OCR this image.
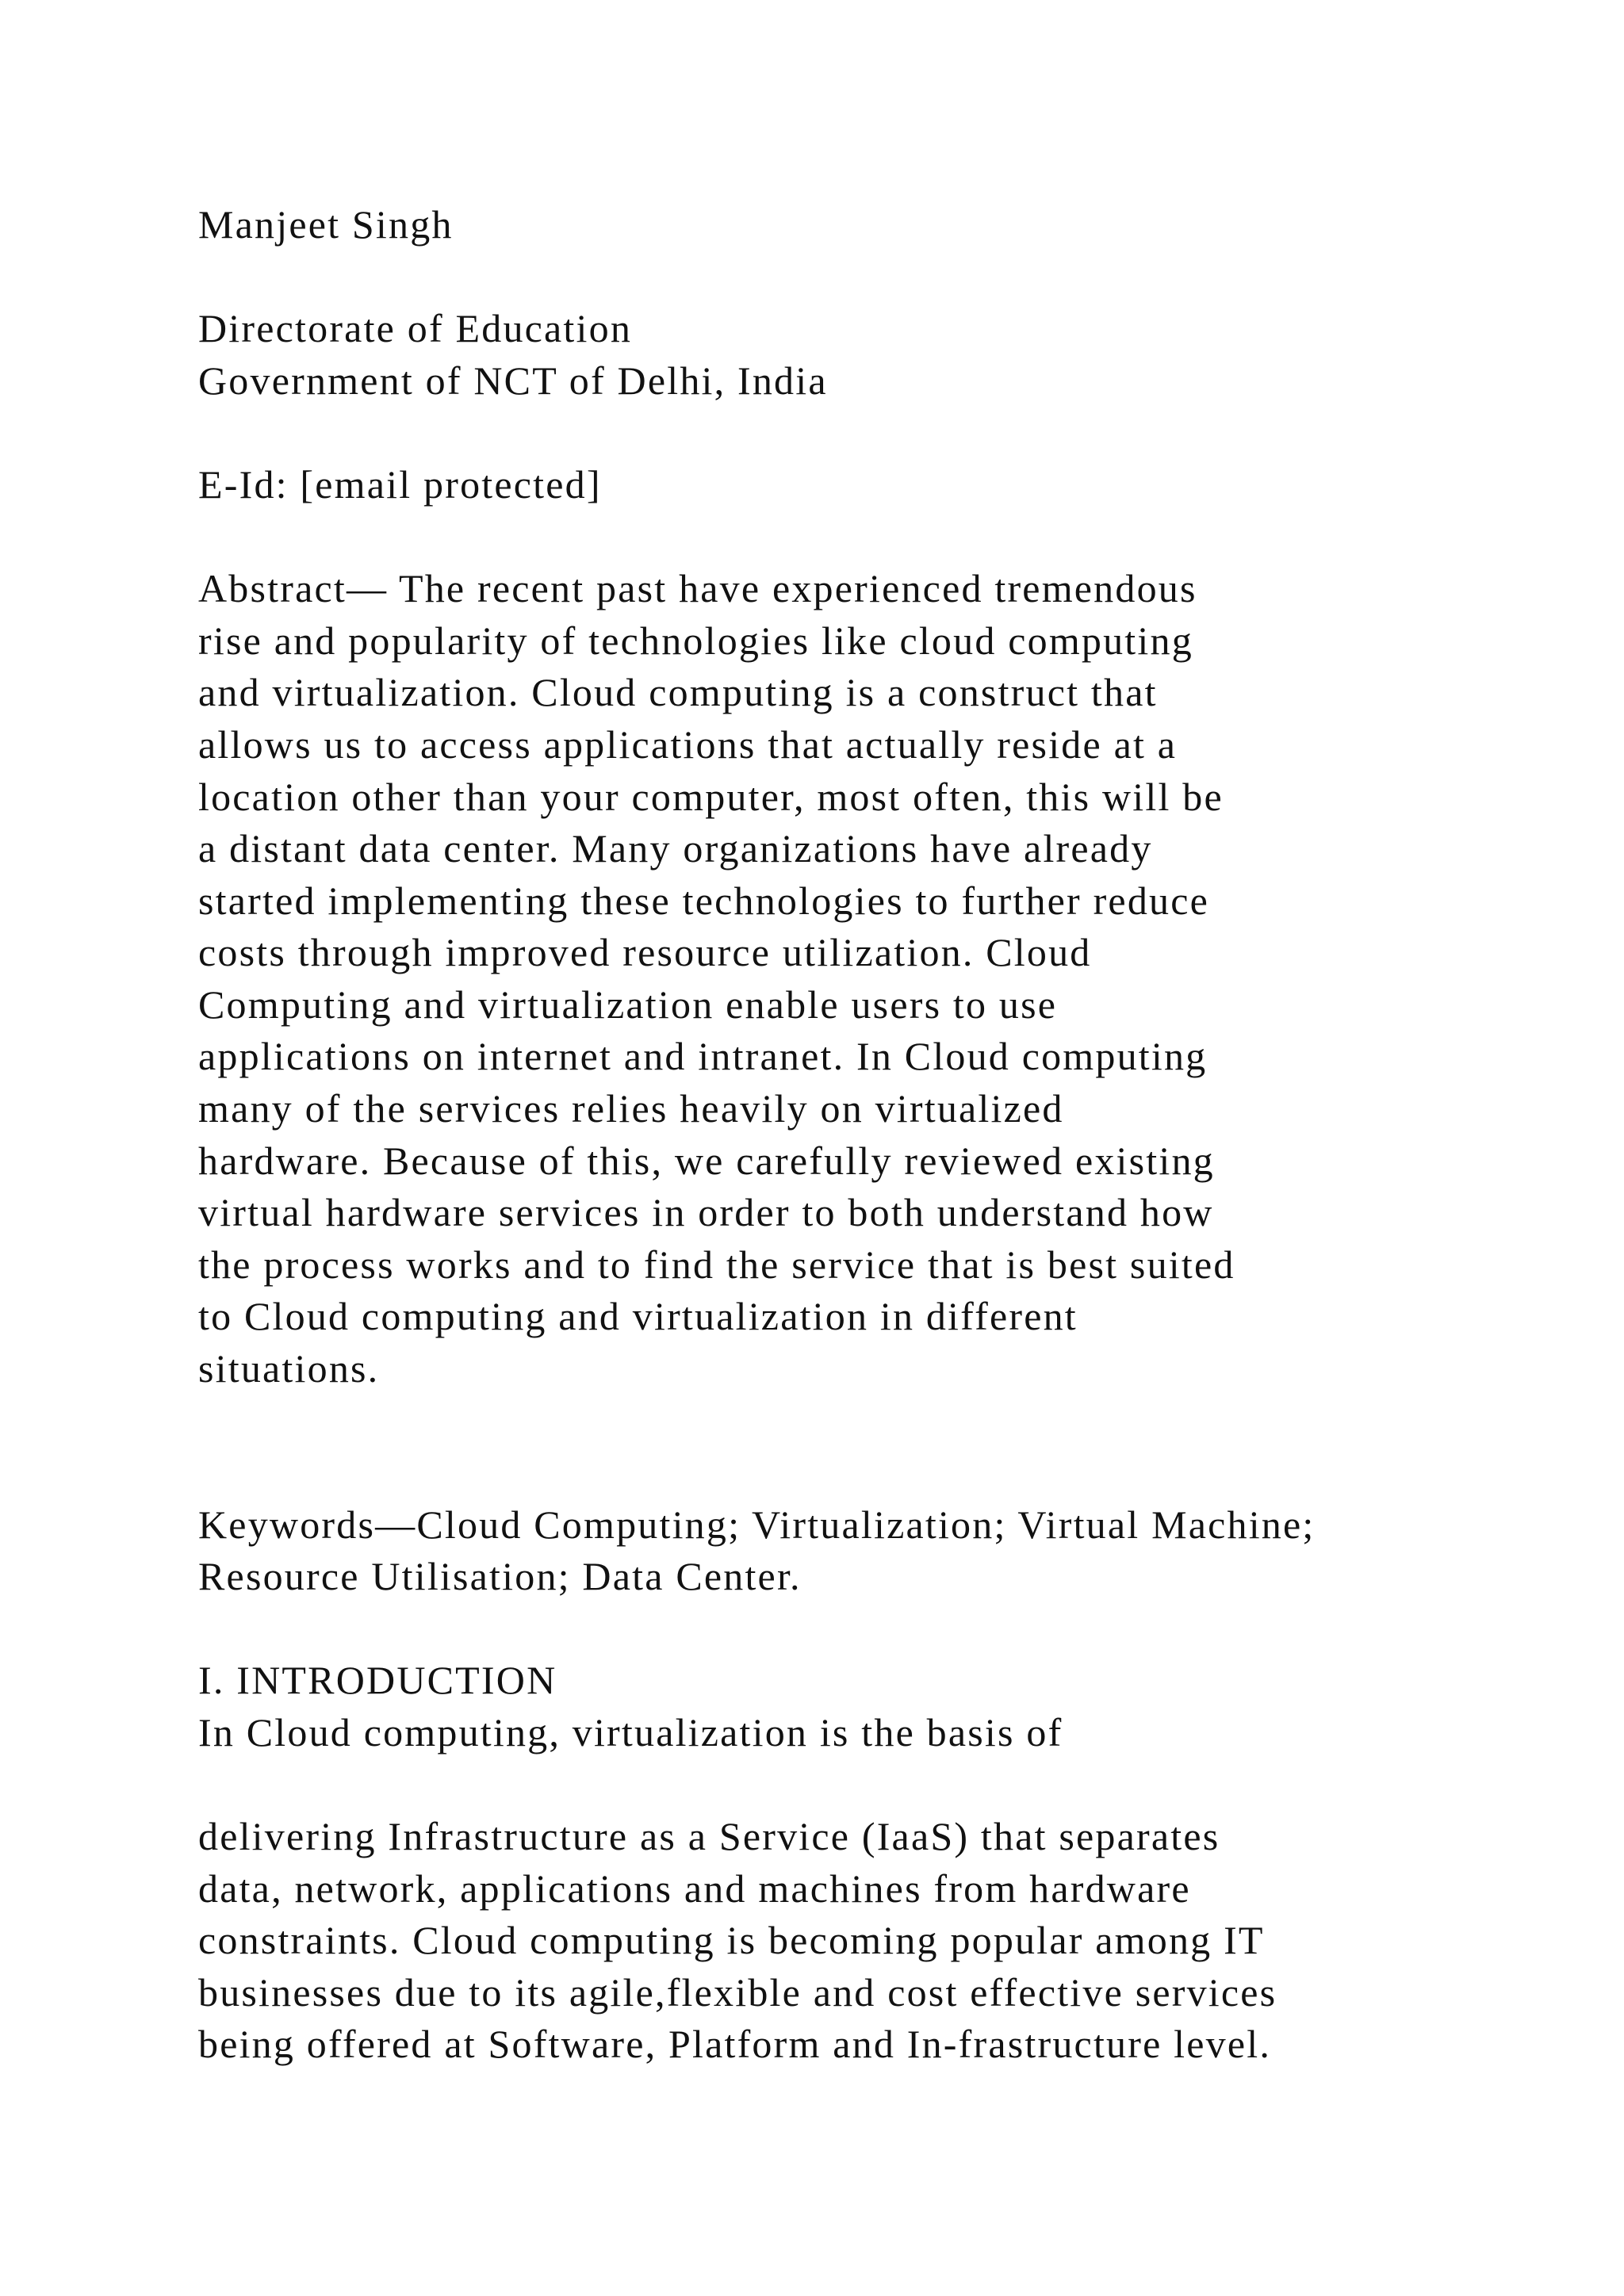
Manjeet Singh

Directorate of Education

Government of NCT of Delhi, India

E-Id: [email protected]

Abstract— The recent past have experienced tremendous

rise and popularity of technologies like cloud computing

and virtualization. Cloud computing is a construct that

allows us to access applications that actually reside at a

location other than your computer, most often, this will be

a distant data center. Many organizations have already

started implementing these technologies to further reduce

costs through improved resource utilization. Cloud

Computing and virtualization enable users to use

applications on internet and intranet. In Cloud computing

many of the services relies heavily on virtualized

hardware. Because of this, we carefully reviewed existing

virtual hardware services in order to both understand how

the process works and to find the service that is best suited

to Cloud computing and virtualization in different

situations.

Keywords—Cloud Computing; Virtualization; Virtual Machine;

Resource Utilisation; Data Center.

I. INTRODUCTION

In Cloud computing, virtualization is the basis of

delivering Infrastructure as a Service (IaaS) that separates

data, network, applications and machines from hardware

constraints. Cloud computing is becoming popular among IT

businesses due to its agile,flexible and cost effective services

being offered at Software, Platform and In-frastructure level.
